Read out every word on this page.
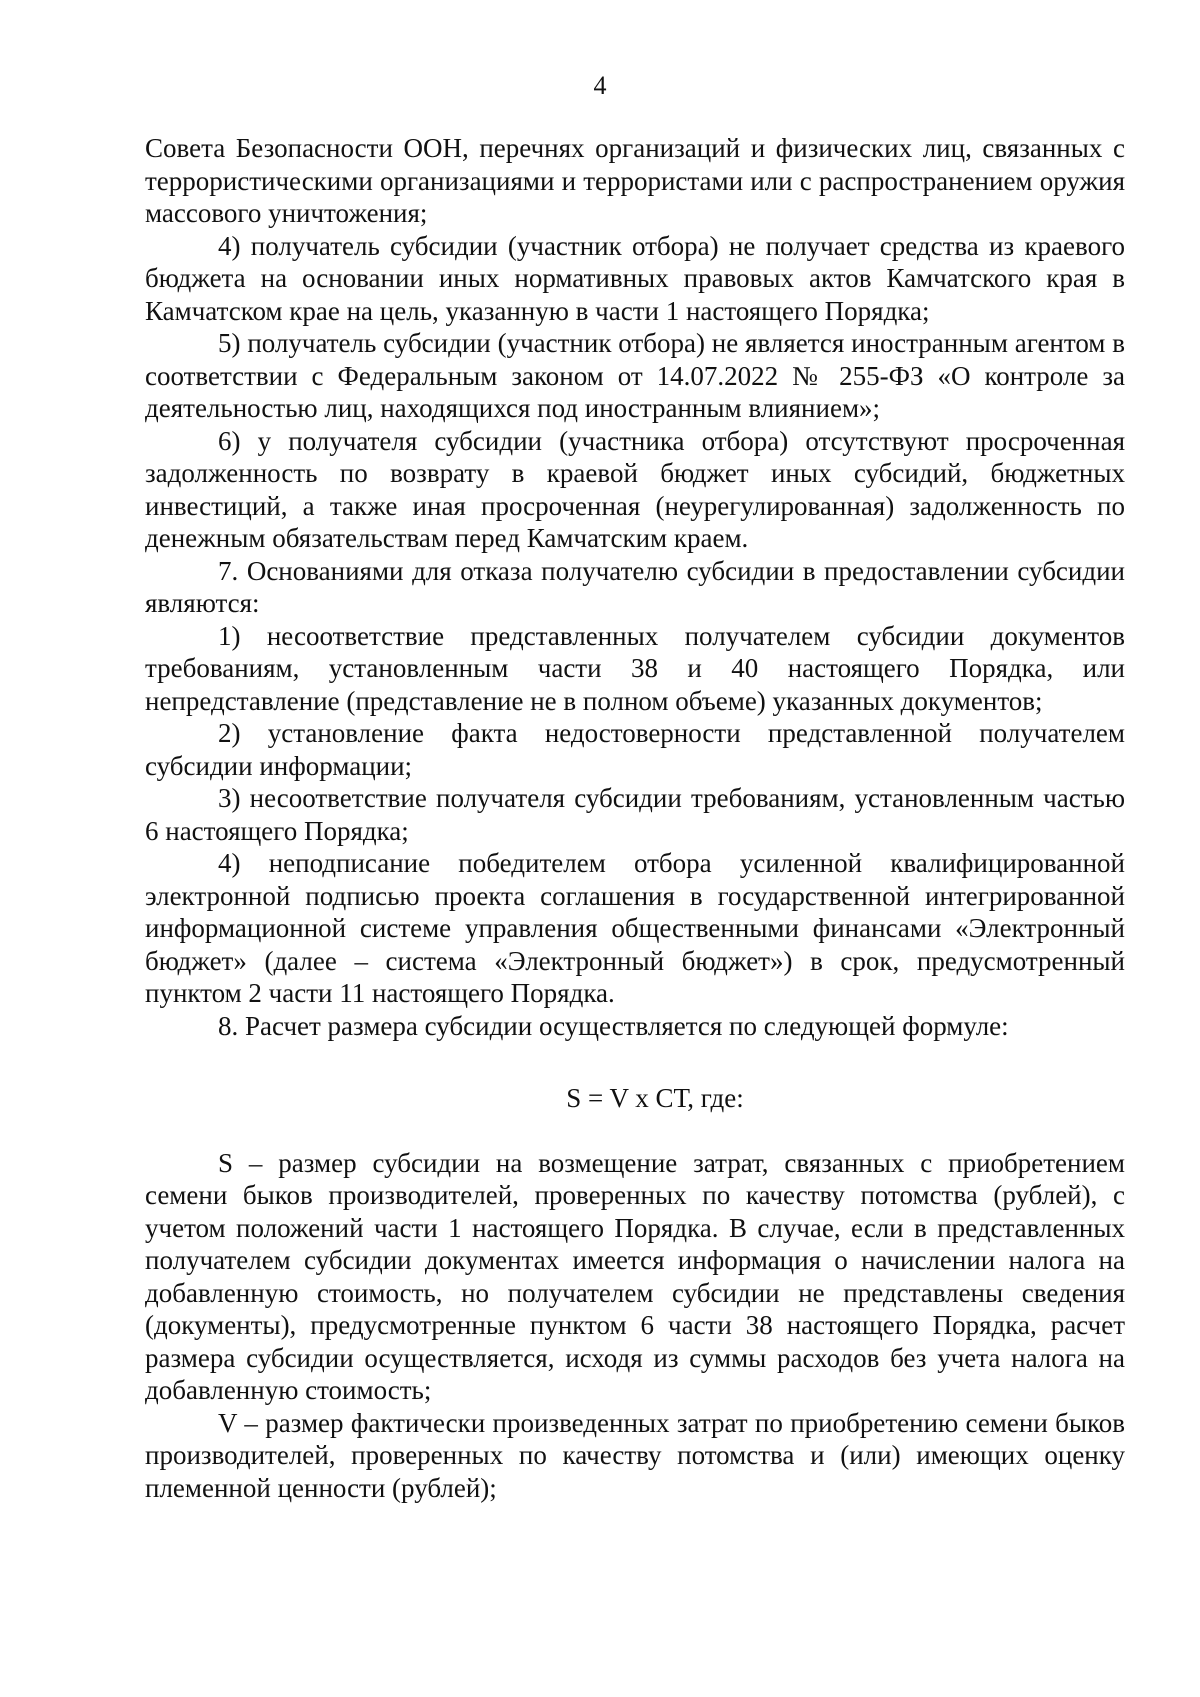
4

Совета Безопасности ООН, перечнях организаций и физических лиц, связанных с террористическими организациями и террористами или с распространением оружия массового уничтожения;

4) получатель субсидии (участник отбора) не получает средства из краевого бюджета на основании иных нормативных правовых актов Камчатского края в Камчатском крае на цель, указанную в части 1 настоящего Порядка;

5) получатель субсидии (участник отбора) не является иностранным агентом в соответствии с Федеральным законом от 14.07.2022 № 255-ФЗ «О контроле за деятельностью лиц, находящихся под иностранным влиянием»;

6) у получателя субсидии (участника отбора) отсутствуют просроченная задолженность по возврату в краевой бюджет иных субсидий, бюджетных инвестиций, а также иная просроченная (неурегулированная) задолженность по денежным обязательствам перед Камчатским краем.

7. Основаниями для отказа получателю субсидии в предоставлении субсидии являются:

1) несоответствие представленных получателем субсидии документов требованиям, установленным части 38 и 40 настоящего Порядка, или непредставление (представление не в полном объеме) указанных документов;

2) установление факта недостоверности представленной получателем субсидии информации;

3) несоответствие получателя субсидии требованиям, установленным частью 6 настоящего Порядка;

4) неподписание победителем отбора усиленной квалифицированной электронной подписью проекта соглашения в государственной интегрированной информационной системе управления общественными финансами «Электронный бюджет» (далее – система «Электронный бюджет») в срок, предусмотренный пунктом 2 части 11 настоящего Порядка.

8. Расчет размера субсидии осуществляется по следующей формуле:

S = V х СТ, где:

S – размер субсидии на возмещение затрат, связанных с приобретением семени быков производителей, проверенных по качеству потомства (рублей), с учетом положений части 1 настоящего Порядка. В случае, если в представленных получателем субсидии документах имеется информация о начислении налога на добавленную стоимость, но получателем субсидии не представлены сведения (документы), предусмотренные пунктом 6 части 38 настоящего Порядка, расчет размера субсидии осуществляется, исходя из суммы расходов без учета налога на добавленную стоимость;

V – размер фактически произведенных затрат по приобретению семени быков производителей, проверенных по качеству потомства и (или) имеющих оценку племенной ценности (рублей);
